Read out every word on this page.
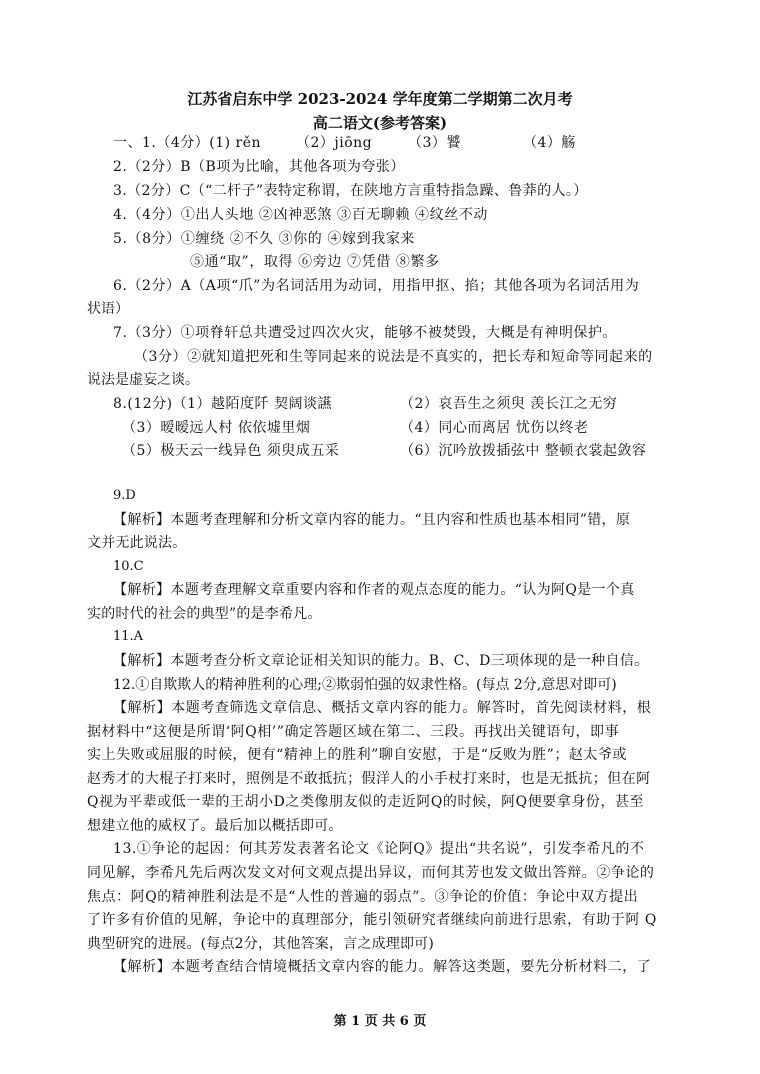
江苏省启东中学 2023-2024 学年度第二学期第二次月考
高二语文(参考答案)
一、1.（4分）(1) rěn （2）jiōng	（3）饕	（4）觞
2.（2分）B（B项为比喻，其他各项为夸张）
3.（2分）C（“二杆子”表特定称谓，在陕地方言重特指急躁、鲁莽的人。）
4.（4分）①出人头地 ②凶神恶煞 ③百无聊赖 ④纹丝不动
5.（8分）①缠绕 ②不久 ③你的 ④嫁到我家来
⑤通“取”，取得 ⑥旁边 ⑦凭借 ⑧繁多
6.（2分）A（A项“爪”为名词活用为动词，用指甲抠、掐；其他各项为名词活用为
状语）
7.（3分）①项脊轩总共遭受过四次火灾，能够不被焚毁，大概是有神明保护。
（3分）②就知道把死和生等同起来的说法是不真实的，把长寿和短命等同起来的
说法是虚妄之谈。
8.(12分)（1）越陌度阡 契阔谈讌	（2）哀吾生之须臾 羡长江之无穷
（3）暧暧远人村 依依墟里烟	（4）同心而离居 忧伤以终老
（5）极天云一线异色 须臾成五采	（6）沉吟放拨插弦中 整顿衣裳起敛容
9.D
【解析】本题考查理解和分析文章内容的能力。“且内容和性质也基本相同”错，原
文并无此说法。
10.C
【解析】本题考查理解文章重要内容和作者的观点态度的能力。“认为阿Q是一个真
实的时代的社会的典型”的是李希凡。
11.A
【解析】本题考查分析文章论证相关知识的能力。B、C、D三项体现的是一种自信。
12.①自欺欺人的精神胜利的心理;②欺弱怕强的奴隶性格。(每点 2分,意思对即可)
【解析】本题考查筛选文章信息、概括文章内容的能力。解答时，首先阅读材料，根
据材料中“这便是所谓‘阿Q相’”确定答题区域在第二、三段。再找出关键语句，即事
实上失败或屈服的时候，便有“精神上的胜利”聊自安慰，于是“反败为胜”；赵太爷或
赵秀才的大棍子打来时，照例是不敢抵抗；假洋人的小手杖打来时，也是无抵抗；但在阿
Q视为平辈或低一辈的王胡小D之类像朋友似的走近阿Q的时候，阿Q便要拿身份，甚至
想建立他的威权了。最后加以概括即可。
13.①争论的起因：何其芳发表著名论文《论阿Q》提出“共名说”，引发李希凡的不
同见解，李希凡先后两次发文对何文观点提出异议，而何其芳也发文做出答辩。②争论的
焦点：阿Q的精神胜利法是不是“人性的普遍的弱点”。③争论的价值：争论中双方提出
了许多有价值的见解，争论中的真理部分，能引领研究者继续向前进行思索，有助于阿 Q
典型研究的进展。(每点2分，其他答案，言之成理即可)
【解析】本题考查结合情境概括文章内容的能力。解答这类题，要先分析材料二，了
第 1 页 共 6 页
